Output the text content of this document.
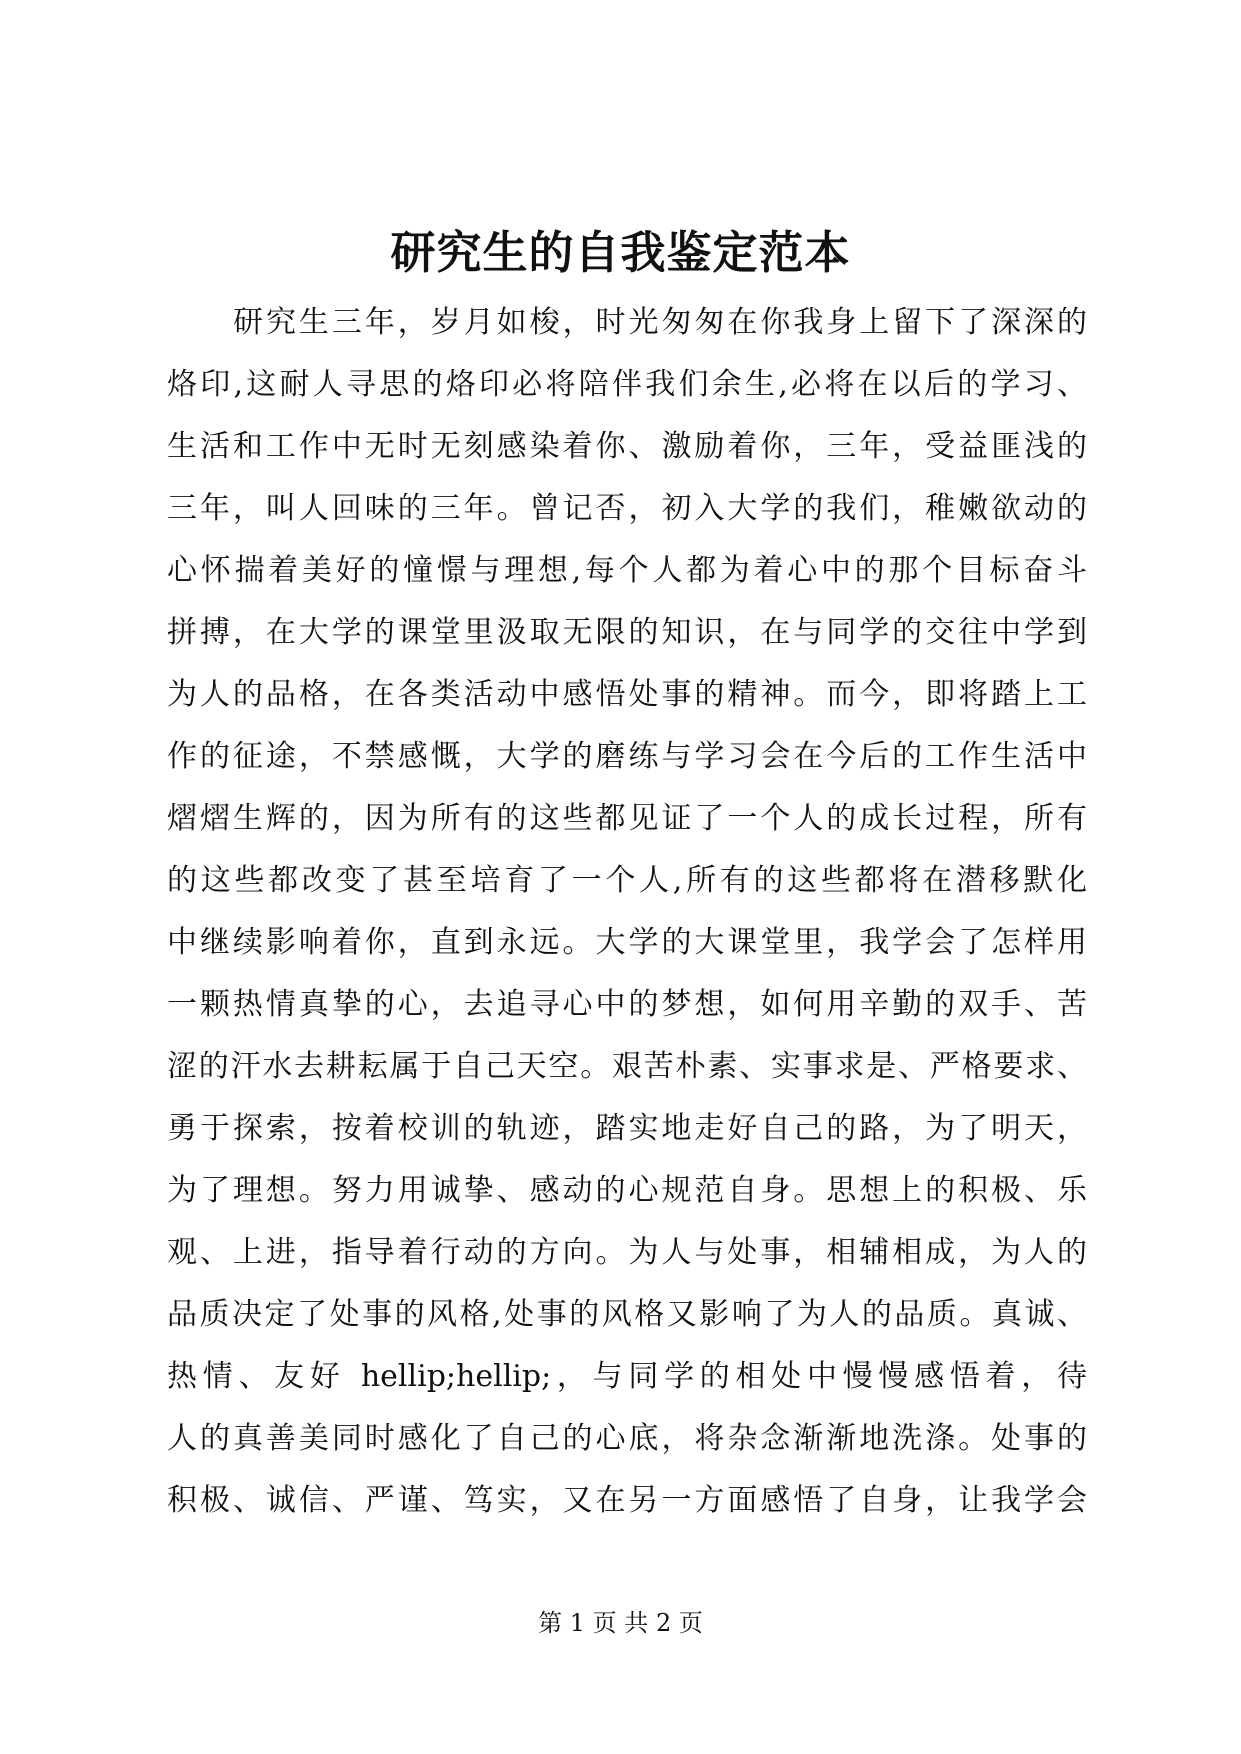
研究生的自我鉴定范本
研究生三年，岁月如梭，时光匆匆在你我身上留下了深深的
烙印,这耐人寻思的烙印必将陪伴我们余生,必将在以后的学习、
生活和工作中无时无刻感染着你、激励着你，三年，受益匪浅的
三年，叫人回味的三年。曾记否，初入大学的我们，稚嫩欲动的
心怀揣着美好的憧憬与理想,每个人都为着心中的那个目标奋斗
拼搏，在大学的课堂里汲取无限的知识，在与同学的交往中学到
为人的品格，在各类活动中感悟处事的精神。而今，即将踏上工
作的征途，不禁感慨，大学的磨练与学习会在今后的工作生活中
熠熠生辉的，因为所有的这些都见证了一个人的成长过程，所有
的这些都改变了甚至培育了一个人,所有的这些都将在潜移默化
中继续影响着你，直到永远。大学的大课堂里，我学会了怎样用
一颗热情真挚的心，去追寻心中的梦想，如何用辛勤的双手、苦
涩的汗水去耕耘属于自己天空。艰苦朴素、实事求是、严格要求、
勇于探索，按着校训的轨迹，踏实地走好自己的路，为了明天，
为了理想。努力用诚挚、感动的心规范自身。思想上的积极、乐
观、上进，指导着行动的方向。为人与处事，相辅相成，为人的
品质决定了处事的风格,处事的风格又影响了为人的品质。真诚、
热情、友好 hellip;hellip;，与同学的相处中慢慢感悟着，待
人的真善美同时感化了自己的心底，将杂念渐渐地洗涤。处事的
积极、诚信、严谨、笃实，又在另一方面感悟了自身，让我学会
第 1 页 共 2 页
